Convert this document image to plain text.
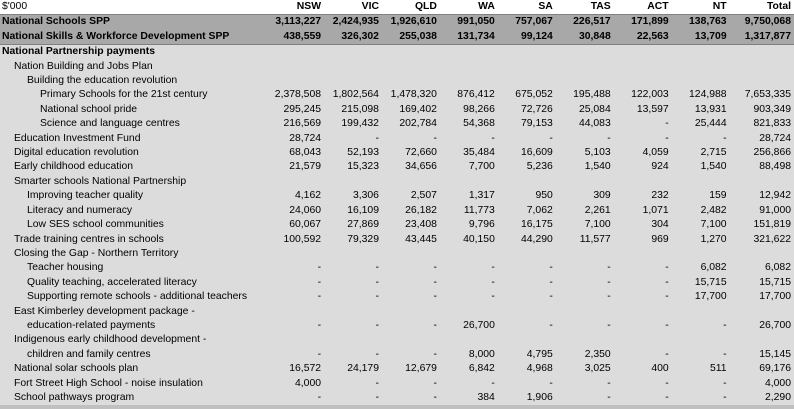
$'000	NSW	VIC	QLD	WA	SA	TAS	ACT	NT	Total
National Schools SPP	3,113,227	2,424,935	1,926,610	991,050	757,067	226,517	171,899	138,763	9,750,068
National Skills & Workforce Development SPP	438,559	326,302	255,038	131,734	99,124	30,848	22,563	13,709	1,317,877
National Partnership payments									
Nation Building and Jobs Plan									
Building the education revolution									
Primary Schools for the 21st century	2,378,508	1,802,564	1,478,320	876,412	675,052	195,488	122,003	124,988	7,653,335
National school pride	295,245	215,098	169,402	98,266	72,726	25,084	13,597	13,931	903,349
Science and language centres	216,569	199,432	202,784	54,368	79,153	44,083	-	25,444	821,833
Education Investment Fund	28,724	-	-	-	-	-	-	-	28,724
Digital education revolution	68,043	52,193	72,660	35,484	16,609	5,103	4,059	2,715	256,866
Early childhood education	21,579	15,323	34,656	7,700	5,236	1,540	924	1,540	88,498
Smarter schools National Partnership									
Improving teacher quality	4,162	3,306	2,507	1,317	950	309	232	159	12,942
Literacy and numeracy	24,060	16,109	26,182	11,773	7,062	2,261	1,071	2,482	91,000
Low SES school communities	60,067	27,869	23,408	9,796	16,175	7,100	304	7,100	151,819
Trade training centres in schools	100,592	79,329	43,445	40,150	44,290	11,577	969	1,270	321,622
Closing the Gap - Northern Territory									
Teacher housing	-	-	-	-	-	-	-	6,082	6,082
Quality teaching, accelerated literacy	-	-	-	-	-	-	-	15,715	15,715
Supporting remote schools - additional teachers	-	-	-	-	-	-	-	17,700	17,700
East Kimberley development package -									
education-related payments	-	-	-	26,700	-	-	-	-	26,700
Indigenous early childhood development -									
children and family centres	-	-	-	8,000	4,795	2,350	-	-	15,145
National solar schools plan	16,572	24,179	12,679	6,842	4,968	3,025	400	511	69,176
Fort Street High School - noise insulation	4,000	-	-	-	-	-	-	-	4,000
School pathways program	-	-	-	384	1,906	-	-	-	2,290
